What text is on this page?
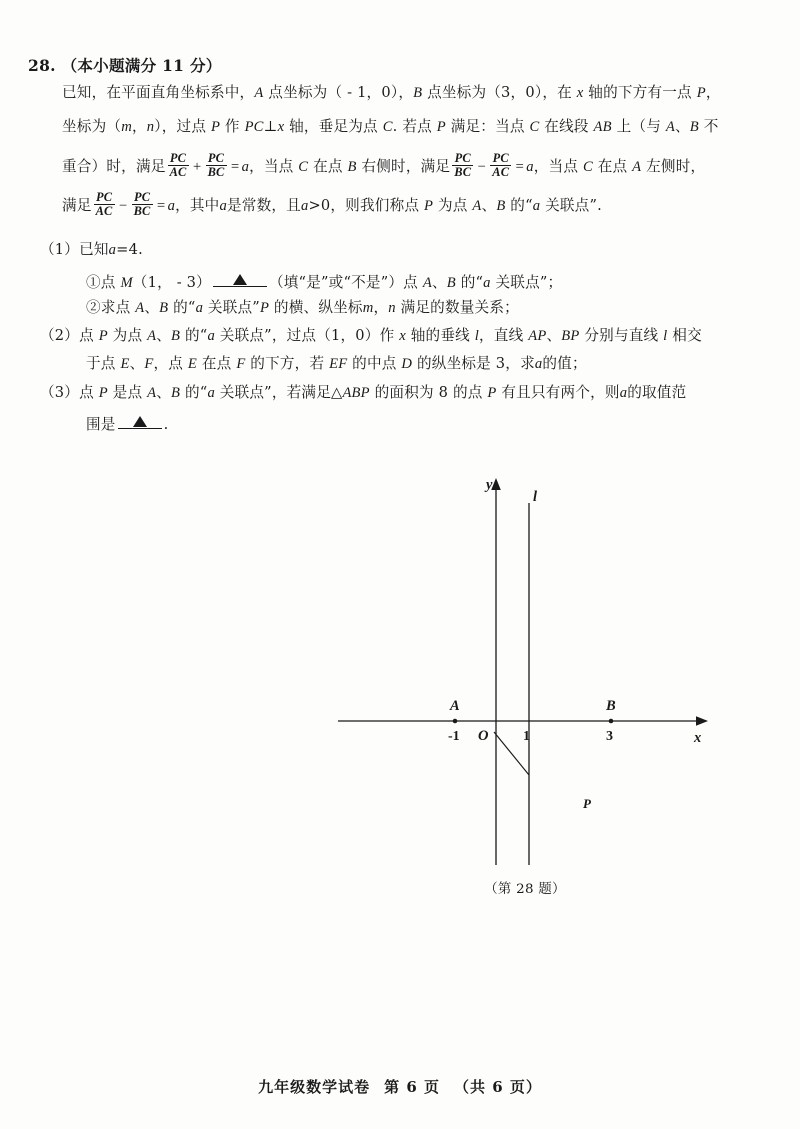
28. （本小题满分 11 分）
已知，在平面直角坐标系中，A 点坐标为（ - 1，0），B 点坐标为（3，0），在 x 轴的下方有一点 P，
坐标为（m，n），过点 P 作 PC⊥x 轴，垂足为点 C. 若点 P 满足：当点 C 在线段 AB 上（与 A、B 不
重合）时，满足 $\frac{PC}{AC} + \frac{PC}{BC} = a$，当点 C 在点 B 右侧时，满足 $\frac{PC}{BC} - \frac{PC}{AC} = a$，当点 C 在点 A 左侧时，
满足 $\frac{PC}{AC} - \frac{PC}{BC} = a$，其中a是常数，且a>0，则我们称点 P 为点 A、B 的“a 关联点”.
（1）已知a=4.
①点 M（1， - 3）	（填“是”或“不是”）点 A、B 的“a 关联点”；
②求点 A、B 的“a 关联点”P 的横、纵坐标m，n 满足的数量关系；
（2）点 P 为点 A、B 的“a 关联点”，过点（1，0）作 x 轴的垂线 l，直线 AP、BP 分别与直线 l 相交
于点 E、F，点 E 在点 F 的下方，若 EF 的中点 D 的纵坐标是 3，求a的值；
（3）点 P 是点 A、B 的“a 关联点”，若满足△ABP 的面积为 8 的点 P 有且只有两个，则a的取值范
围是	.
A	B
-1 O 1	3
y
x
l
P
（第 28 题）
九年级数学试卷 第 6 页 （共 6 页）
